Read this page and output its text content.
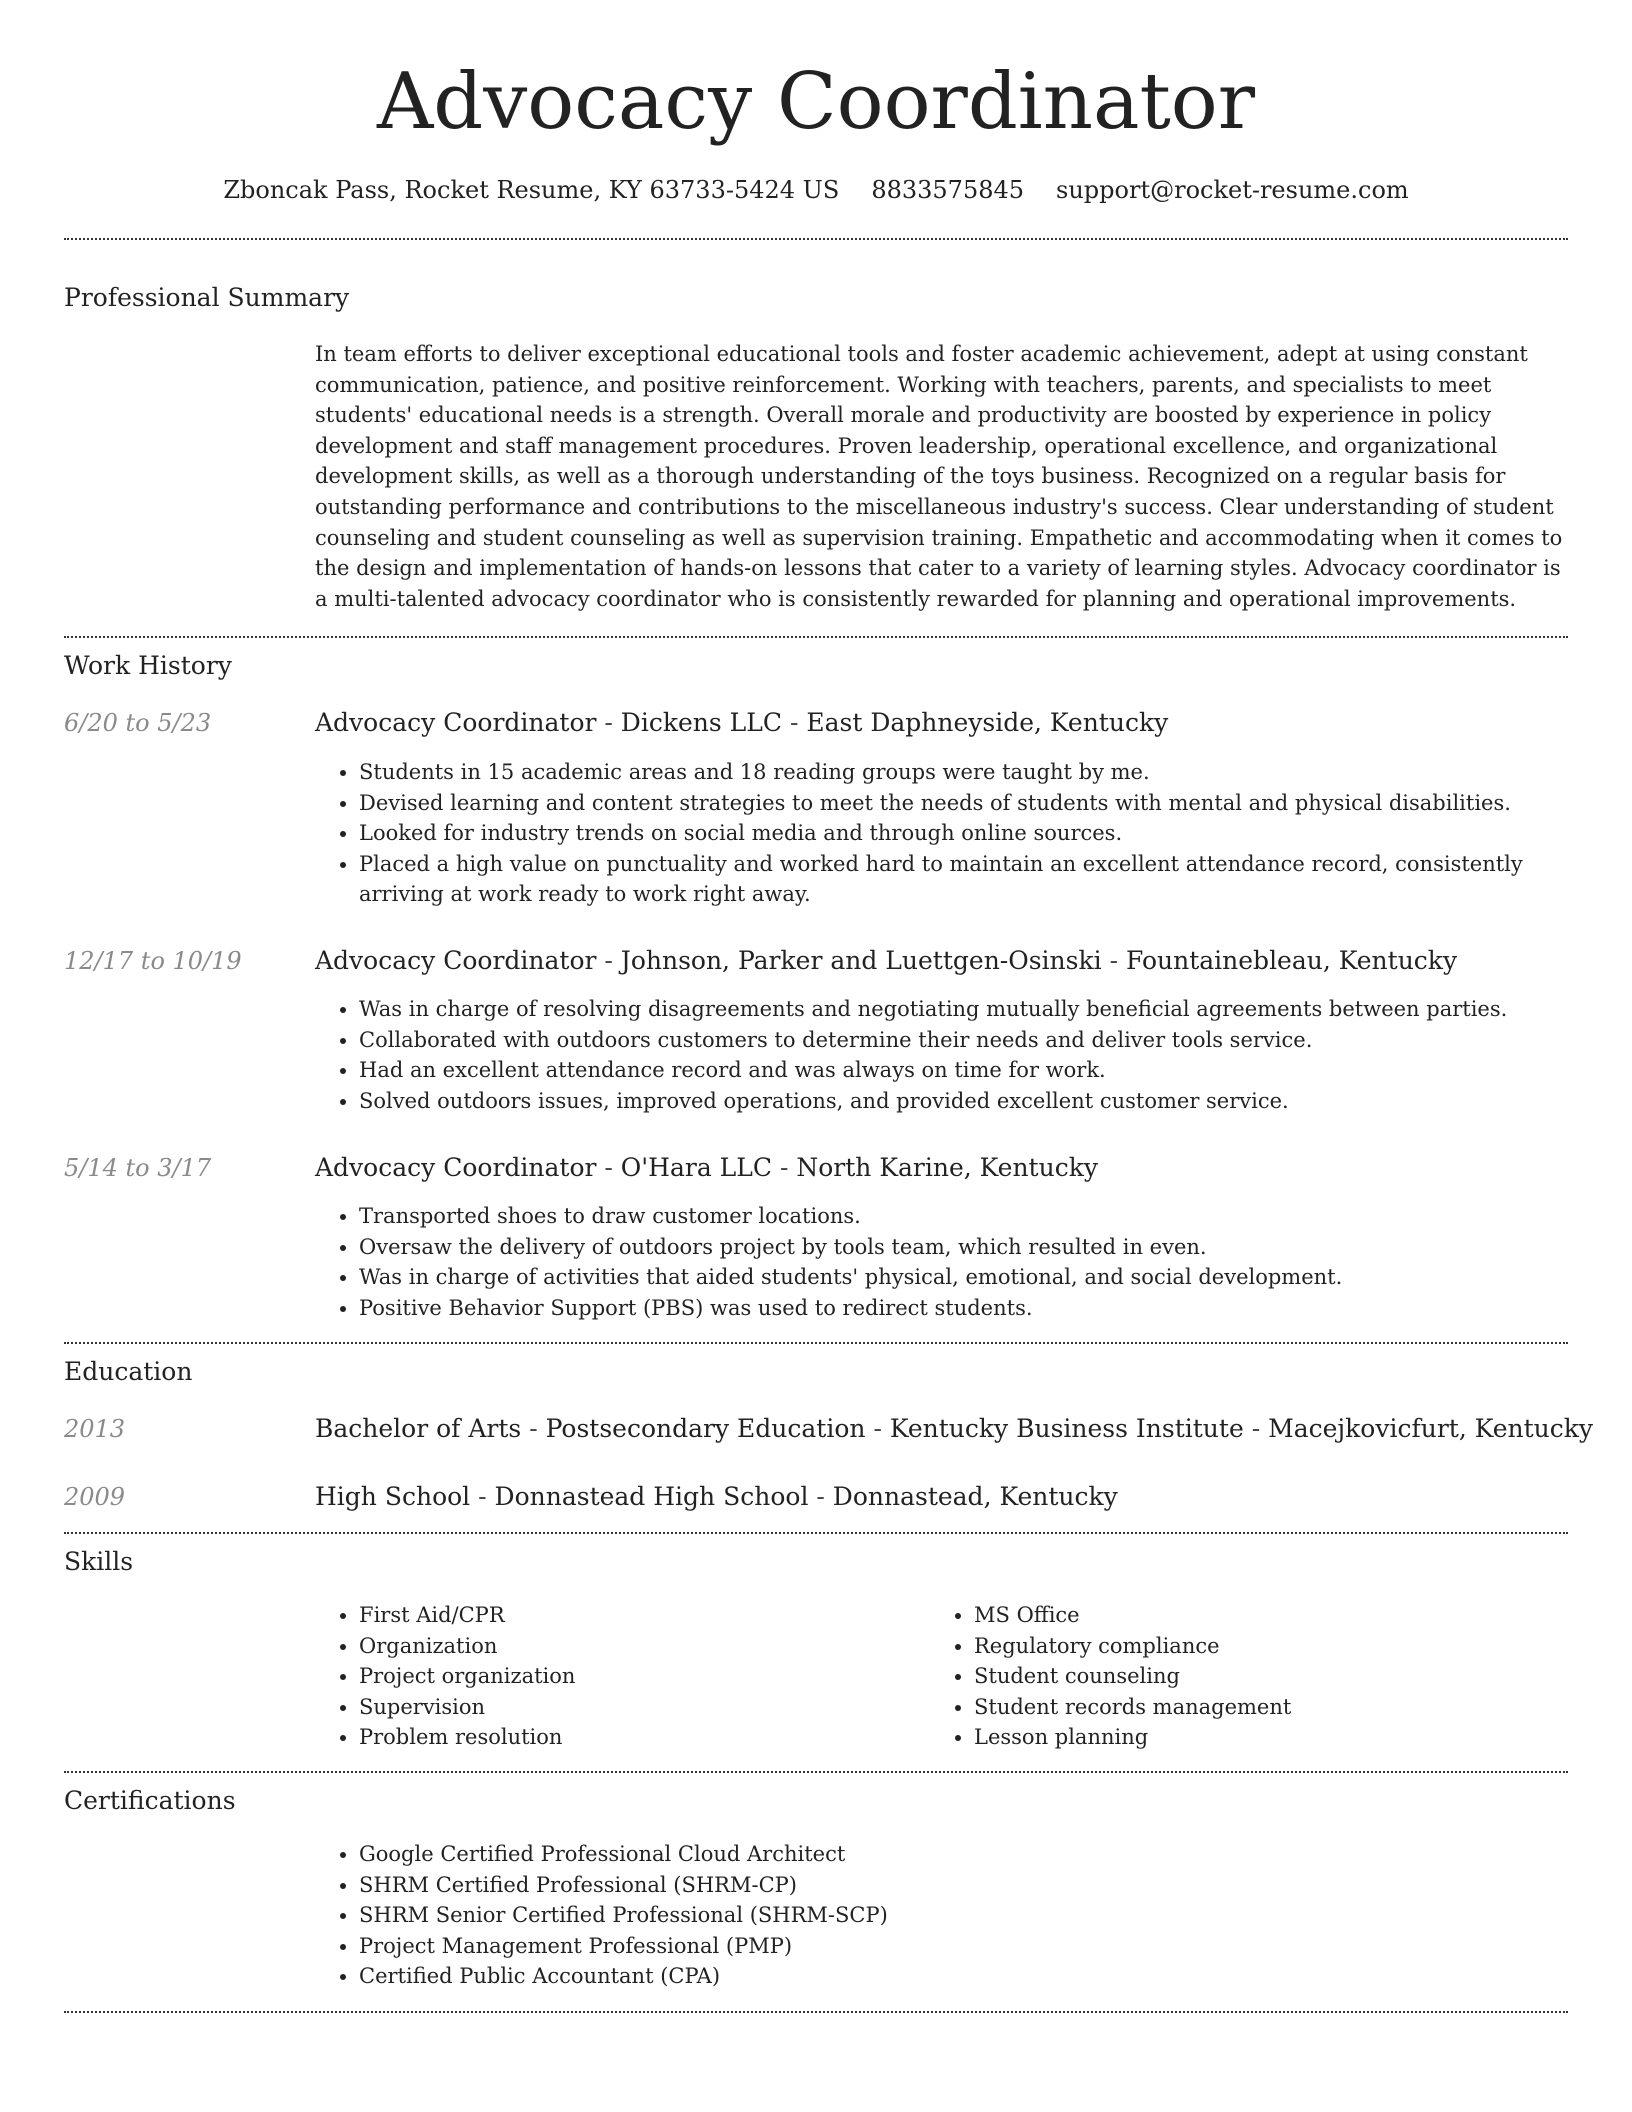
Advocacy Coordinator
Zboncak Pass, Rocket Resume, KY 63733-5424 US 8833575845 support@rocket-resume.com
Professional Summary

In team efforts to deliver exceptional educational tools and foster academic achievement, adept at using constant communication, patience, and positive reinforcement. Working with teachers, parents, and specialists to meet students' educational needs is a strength. Overall morale and productivity are boosted by experience in policy development and staff management procedures. Proven leadership, operational excellence, and organizational development skills, as well as a thorough understanding of the toys business. Recognized on a regular basis for outstanding performance and contributions to the miscellaneous industry's success. Clear understanding of student counseling and student counseling as well as supervision training. Empathetic and accommodating when it comes to the design and implementation of hands-on lessons that cater to a variety of learning styles. Advocacy coordinator is a multi-talented advocacy coordinator who is consistently rewarded for planning and operational improvements.

Work History
6/20 to 5/23	Advocacy Coordinator - Dickens LLC - East Daphneyside, Kentucky
• Students in 15 academic areas and 18 reading groups were taught by me.
• Devised learning and content strategies to meet the needs of students with mental and physical disabilities.
• Looked for industry trends on social media and through online sources.
• Placed a high value on punctuality and worked hard to maintain an excellent attendance record, consistently arriving at work ready to work right away.
12/17 to 10/19	Advocacy Coordinator - Johnson, Parker and Luettgen-Osinski - Fountainebleau, Kentucky
• Was in charge of resolving disagreements and negotiating mutually beneficial agreements between parties.
• Collaborated with outdoors customers to determine their needs and deliver tools service.
• Had an excellent attendance record and was always on time for work.
• Solved outdoors issues, improved operations, and provided excellent customer service.
5/14 to 3/17	Advocacy Coordinator - O'Hara LLC - North Karine, Kentucky
• Transported shoes to draw customer locations.
• Oversaw the delivery of outdoors project by tools team, which resulted in even.
• Was in charge of activities that aided students' physical, emotional, and social development.
• Positive Behavior Support (PBS) was used to redirect students.
Education
2013	Bachelor of Arts - Postsecondary Education - Kentucky Business Institute - Macejkovicfurt, Kentucky
2009	High School - Donnastead High School - Donnastead, Kentucky
Skills
• First Aid/CPR
• Organization
• Project organization
• Supervision
• Problem resolution
• MS Office
• Regulatory compliance
• Student counseling
• Student records management
• Lesson planning
Certifications
• Google Certified Professional Cloud Architect
• SHRM Certified Professional (SHRM-CP)
• SHRM Senior Certified Professional (SHRM-SCP)
• Project Management Professional (PMP)
• Certified Public Accountant (CPA)
